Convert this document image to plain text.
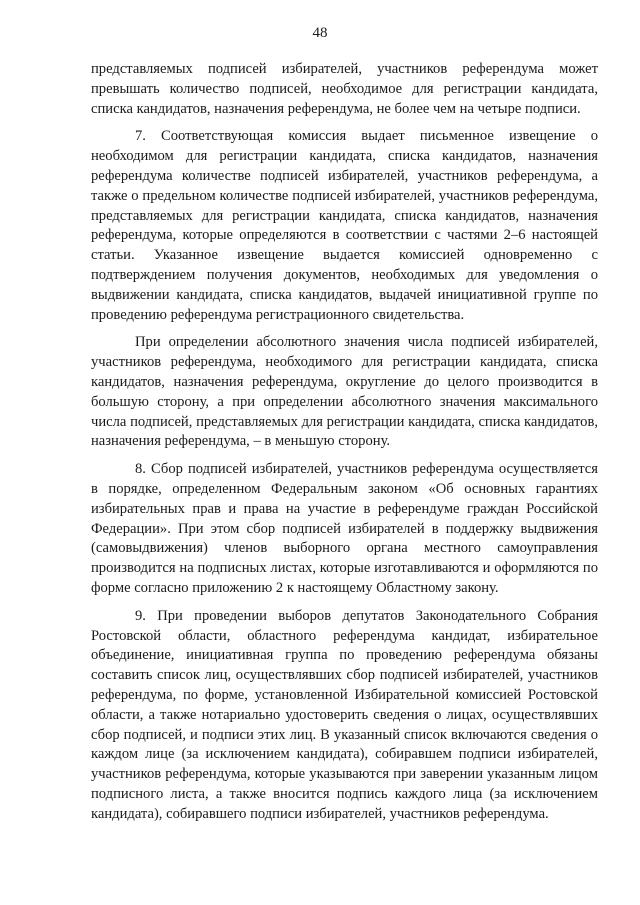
48

представляемых подписей избирателей, участников референдума может превышать количество подписей, необходимое для регистрации кандидата, списка кандидатов, назначения референдума, не более чем на четыре подписи.

7. Соответствующая комиссия выдает письменное извещение о необходимом для регистрации кандидата, списка кандидатов, назначения референдума количестве подписей избирателей, участников референдума, а также о предельном количестве подписей избирателей, участников референдума, представляемых для регистрации кандидата, списка кандидатов, назначения референдума, которые определяются в соответствии с частями 2–6 настоящей статьи. Указанное извещение выдается комиссией одновременно с подтверждением получения документов, необходимых для уведомления о выдвижении кандидата, списка кандидатов, выдачей инициативной группе по проведению референдума регистрационного свидетельства.

При определении абсолютного значения числа подписей избирателей, участников референдума, необходимого для регистрации кандидата, списка кандидатов, назначения референдума, округление до целого производится в большую сторону, а при определении абсолютного значения максимального числа подписей, представляемых для регистрации кандидата, списка кандидатов, назначения референдума, – в меньшую сторону.

8. Сбор подписей избирателей, участников референдума осуществляется в порядке, определенном Федеральным законом «Об основных гарантиях избирательных прав и права на участие в референдуме граждан Российской Федерации». При этом сбор подписей избирателей в поддержку выдвижения (самовыдвижения) членов выборного органа местного самоуправления производится на подписных листах, которые изготавливаются и оформляются по форме согласно приложению 2 к настоящему Областному закону.

9. При проведении выборов депутатов Законодательного Собрания Ростовской области, областного референдума кандидат, избирательное объединение, инициативная группа по проведению референдума обязаны составить список лиц, осуществлявших сбор подписей избирателей, участников референдума, по форме, установленной Избирательной комиссией Ростовской области, а также нотариально удостоверить сведения о лицах, осуществлявших сбор подписей, и подписи этих лиц. В указанный список включаются сведения о каждом лице (за исключением кандидата), собиравшем подписи избирателей, участников референдума, которые указываются при заверении указанным лицом подписного листа, а также вносится подпись каждого лица (за исключением кандидата), собиравшего подписи избирателей, участников референдума.
